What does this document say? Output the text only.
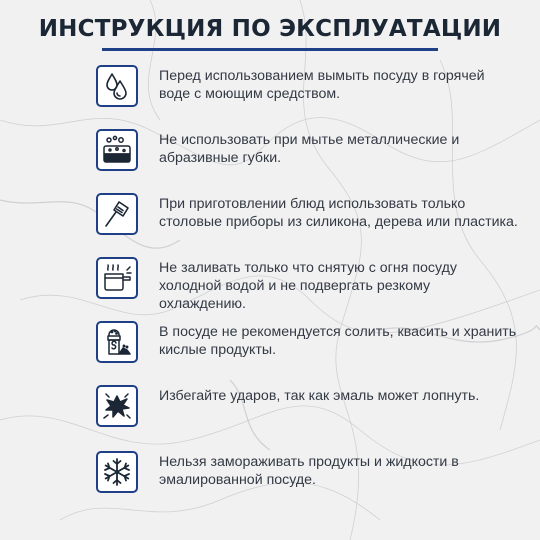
ИНСТРУКЦИЯ ПО ЭКСПЛУАТАЦИИ
Перед использованием вымыть посуду в горячей воде с моющим средством.
Не использовать при мытье металлические и абразивные губки.
При приготовлении блюд использовать только столовые приборы из силикона, дерева или пластика.
Не заливать только что снятую с огня посуду холодной водой и не подвергать резкому охлаждению.
В посуде не рекомендуется солить, квасить и хранить кислые продукты.
Избегайте ударов, так как эмаль может лопнуть.
Нельзя замораживать продукты и жидкости в эмалированной посуде.
